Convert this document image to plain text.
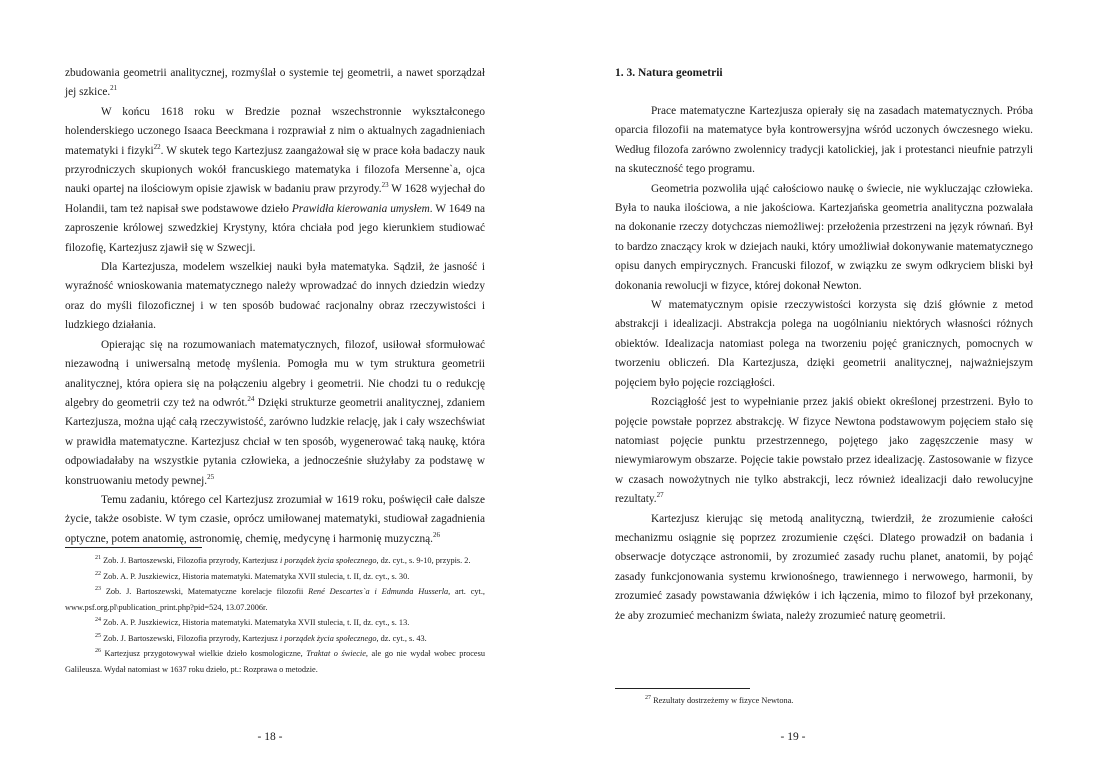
zbudowania geometrii analitycznej, rozmyślał o systemie tej geometrii, a nawet sporządzał jej szkice.$^{21}$

W końcu 1618 roku w Bredzie poznał wszechstronnie wykształconego holenderskiego uczonego Isaaca Beeckmana i rozprawiał z nim o aktualnych zagadnieniach matematyki i fizyki$^{22}$. W skutek tego Kartezjusz zaangażował się w prace koła badaczy nauk przyrodniczych skupionych wokół francuskiego matematyka i filozofa Mersenne`a, ojca nauki opartej na ilościowym opisie zjawisk w badaniu praw przyrody.$^{23}$ W 1628 wyjechał do Holandii, tam też napisał swe podstawowe dzieło Prawidła kierowania umysłem. W 1649 na zaproszenie królowej szwedzkiej Krystyny, która chciała pod jego kierunkiem studiować filozofię, Kartezjusz zjawił się w Szwecji.

Dla Kartezjusza, modelem wszelkiej nauki była matematyka. Sądził, że jasność i wyraźność wnioskowania matematycznego należy wprowadzać do innych dziedzin wiedzy oraz do myśli filozoficznej i w ten sposób budować racjonalny obraz rzeczywistości i ludzkiego działania.

Opierając się na rozumowaniach matematycznych, filozof, usiłował sformułować niezawodną i uniwersalną metodę myślenia. Pomogła mu w tym struktura geometrii analitycznej, która opiera się na połączeniu algebry i geometrii. Nie chodzi tu o redukcję algebry do geometrii czy też na odwrót.$^{24}$ Dzięki strukturze geometrii analitycznej, zdaniem Kartezjusza, można ująć całą rzeczywistość, zarówno ludzkie relację, jak i cały wszechświat w prawidła matematyczne. Kartezjusz chciał w ten sposób, wygenerować taką naukę, która odpowiadałaby na wszystkie pytania człowieka, a jednocześnie służyłaby za podstawę w konstruowaniu metody pewnej.$^{25}$

Temu zadaniu, którego cel Kartezjusz zrozumiał w 1619 roku, poświęcił całe dalsze życie, także osobiste. W tym czasie, oprócz umiłowanej matematyki, studiował zagadnienia optyczne, potem anatomię, astronomię, chemię, medycynę i harmonię muzyczną.$^{26}$

$^{21}$ Zob. J. Bartoszewski, Filozofia przyrody, Kartezjusz i porządek życia społecznego, dz. cyt., s. 9-10, przypis. 2.

$^{22}$ Zob. A. P. Juszkiewicz, Historia matematyki. Matematyka XVII stulecia, t. II, dz. cyt., s. 30.

$^{23}$ Zob. J. Bartoszewski, Matematyczne korelacje filozofii René Descartes`a i Edmunda Husserla, art. cyt., www.psf.org.pl\publication_print.php?pid=524, 13.07.2006r.

$^{24}$ Zob. A. P. Juszkiewicz, Historia matematyki. Matematyka XVII stulecia, t. II, dz. cyt., s. 13.

$^{25}$ Zob. J. Bartoszewski, Filozofia przyrody, Kartezjusz i porządek życia społecznego, dz. cyt., s. 43.

$^{26}$ Kartezjusz przygotowywał wielkie dzieło kosmologiczne, Traktat o świecie, ale go nie wydał wobec procesu Galileusza. Wydał natomiast w 1637 roku dzieło, pt.: Rozprawa o metodzie.

- 18 -
1. 3. Natura geometrii

Prace matematyczne Kartezjusza opierały się na zasadach matematycznych. Próba oparcia filozofii na matematyce była kontrowersyjna wśród uczonych ówczesnego wieku. Według filozofa zarówno zwolennicy tradycji katolickiej, jak i protestanci nieufnie patrzyli na skuteczność tego programu.

Geometria pozwoliła ująć całościowo naukę o świecie, nie wykluczając człowieka. Była to nauka ilościowa, a nie jakościowa. Kartezjańska geometria analityczna pozwalała na dokonanie rzeczy dotychczas niemożliwej: przełożenia przestrzeni na język równań. Był to bardzo znaczący krok w dziejach nauki, który umożliwiał dokonywanie matematycznego opisu danych empirycznych. Francuski filozof, w związku ze swym odkryciem bliski był dokonania rewolucji w fizyce, której dokonał Newton.

W matematycznym opisie rzeczywistości korzysta się dziś głównie z metod abstrakcji i idealizacji. Abstrakcja polega na uogólnianiu niektórych własności różnych obiektów. Idealizacja natomiast polega na tworzeniu pojęć granicznych, pomocnych w tworzeniu obliczeń. Dla Kartezjusza, dzięki geometrii analitycznej, najważniejszym pojęciem było pojęcie rozciągłości.

Rozciągłość jest to wypełnianie przez jakiś obiekt określonej przestrzeni. Było to pojęcie powstałe poprzez abstrakcję. W fizyce Newtona podstawowym pojęciem stało się natomiast pojęcie punktu przestrzennego, pojętego jako zagęszczenie masy w niewymiarowym obszarze. Pojęcie takie powstało przez idealizację. Zastosowanie w fizyce w czasach nowożytnych nie tylko abstrakcji, lecz również idealizacji dało rewolucyjne rezultaty.$^{27}$

Kartezjusz kierując się metodą analityczną, twierdził, że zrozumienie całości mechanizmu osiągnie się poprzez zrozumienie części. Dlatego prowadził on badania i obserwacje dotyczące astronomii, by zrozumieć zasady ruchu planet, anatomii, by pojąć zasady funkcjonowania systemu krwionośnego, trawiennego i nerwowego, harmonii, by zrozumieć zasady powstawania dźwięków i ich łączenia, mimo to filozof był przekonany, że aby zrozumieć mechanizm świata, należy zrozumieć naturę geometrii.

$^{27}$ Rezultaty dostrzeżemy w fizyce Newtona.

- 19 -
